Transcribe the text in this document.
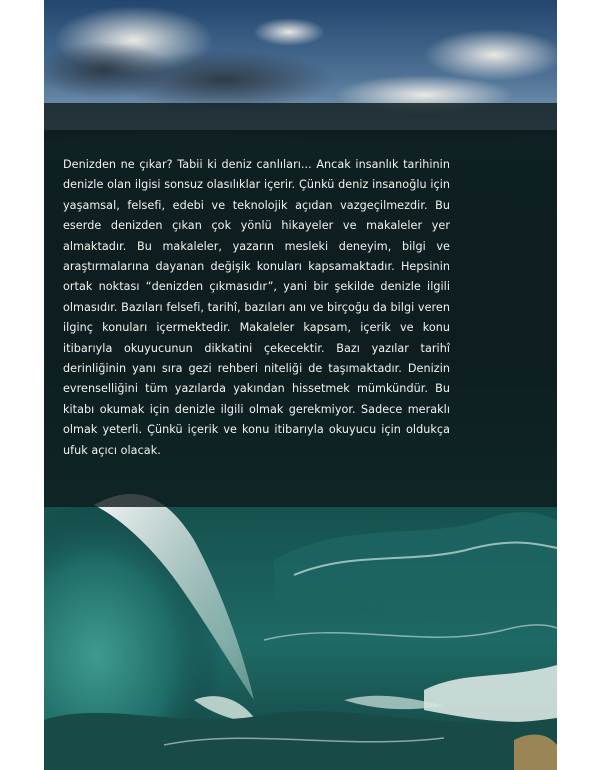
Denizden ne çıkar? Tabii ki deniz canlıları... Ancak insanlık tarihinin denizle olan ilgisi sonsuz olasılıklar içerir. Çünkü deniz insanoğlu için yaşamsal, felsefi, edebi ve teknolojik açıdan vazgeçilmezdir. Bu eserde denizden çıkan çok yönlü hikayeler ve makaleler yer almaktadır. Bu makaleler, yazarın mesleki deneyim, bilgi ve araştırmalarına dayanan değişik konuları kapsamaktadır. Hepsinin ortak noktası “denizden çıkmasıdır”, yani bir şekilde denizle ilgili olmasıdır. Bazıları felsefi, tarihî, bazıları anı ve birçoğu da bilgi veren ilginç konuları içermektedir. Makaleler kapsam, içerik ve konu itibarıyla okuyucunun dikkatini çekecektir. Bazı yazılar tarihî derinliğinin yanı sıra gezi rehberi niteliği de taşımaktadır. Denizin evrenselliğini tüm yazılarda yakından hissetmek mümkündür. Bu kitabı okumak için denizle ilgili olmak gerekmiyor. Sadece meraklı olmak yeterli. Çünkü içerik ve konu itibarıyla okuyucu için oldukça ufuk açıcı olacak.
